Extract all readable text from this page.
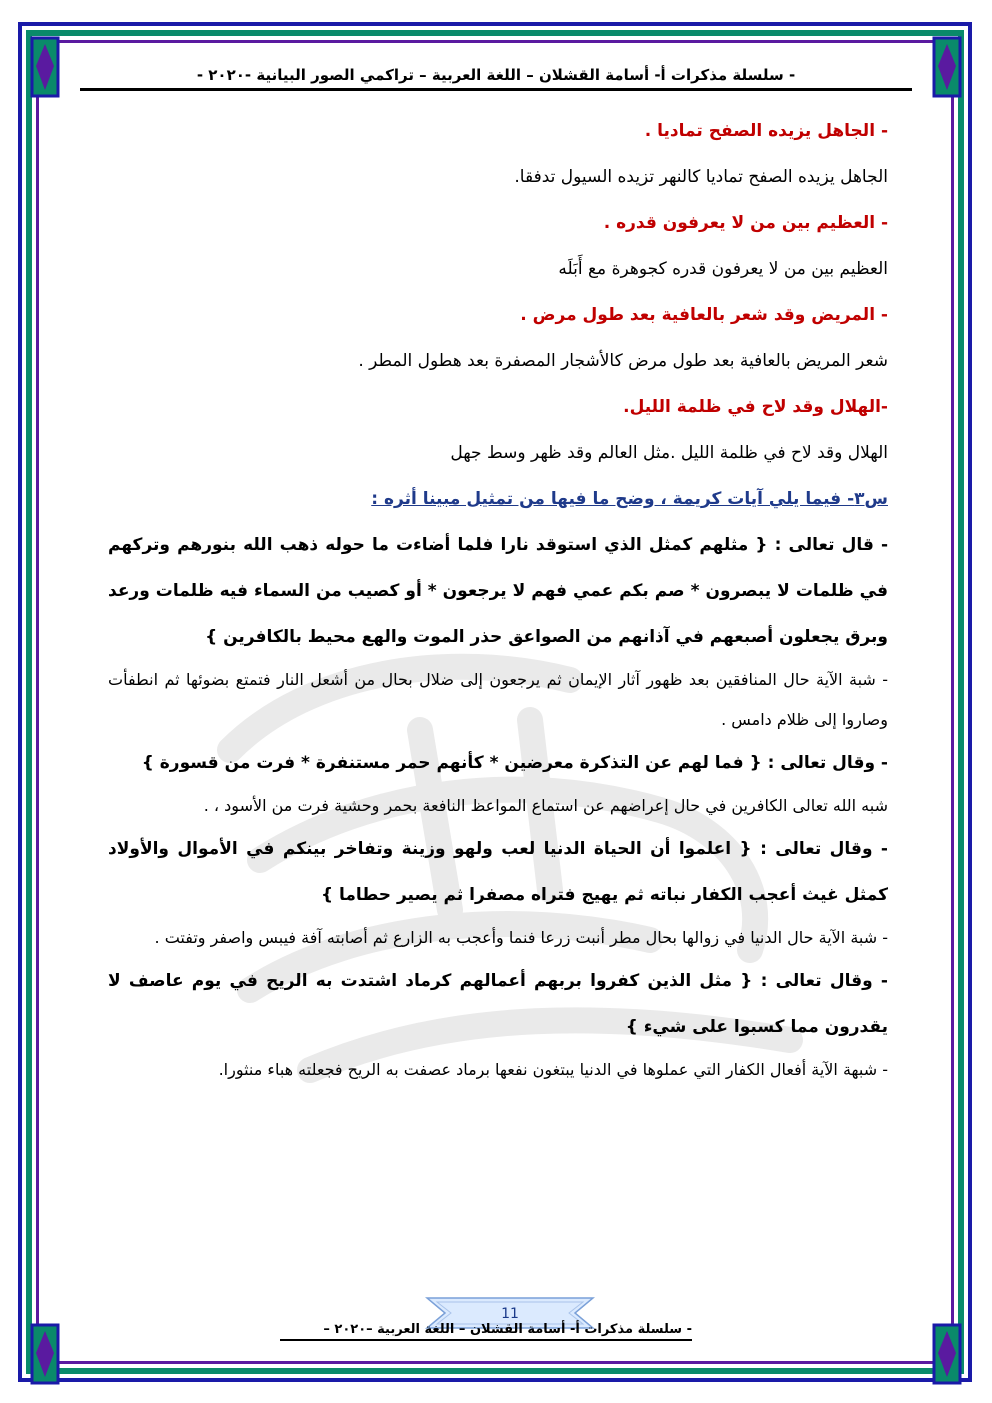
- سلسلة مذكرات أ- أسامة القشلان – اللغة العربية – تراكمي الصور البيانية -٢٠٢٠ -
- الجاهل يزيده الصفح تماديا .
الجاهل يزيده الصفح تماديا كالنهر تزيده السيول تدفقا.
- العظيم بين من لا يعرفون قدره .
العظيم بين من لا يعرفون قدره كجوهرة مع أَبَلَه
- المريض وقد شعر بالعافية بعد طول مرض .
شعر المريض بالعافية بعد طول مرض كالأشجار المصفرة بعد هطول المطر .
-الهلال وقد لاح في ظلمة الليل.
الهلال وقد لاح في ظلمة الليل .مثل العالم وقد ظهر وسط جهل
س٣- فيما يلي آيات كريمة ، وضح ما فيها من تمثيل مبينا أثره :
- قال تعالى : { مثلهم كمثل الذي استوقد نارا فلما أضاءت ما حوله ذهب الله بنورهم وتركهم في ظلمات لا يبصرون * صم بكم عمي فهم لا يرجعون * أو كصيب من السماء فيه ظلمات ورعد وبرق يجعلون أصبعهم في آذانهم من الصواعق حذر الموت والهع محيط بالكافرين }
- شبة الآية حال المنافقين بعد ظهور آثار الإيمان ثم يرجعون إلى ضلال بحال من أشعل النار فتمتع بضوئها ثم انطفأت وصاروا إلى ظلام دامس .
- وقال تعالى : { فما لهم عن التذكرة معرضين * كأنهم حمر مستنفرة * فرت من قسورة }
شبه الله تعالى الكافرين في حال إعراضهم عن استماع المواعظ النافعة بحمر وحشية فرت من الأسود ، .
- وقال تعالى : { اعلموا أن الحياة الدنيا لعب ولهو وزينة وتفاخر بينكم في الأموال والأولاد كمثل غيث أعجب الكفار نباته ثم يهيج فتراه مصفرا ثم يصير حطاما }
- شبة الآية حال الدنيا في زوالها بحال مطر أنبت زرعا فنما وأعجب به الزارع ثم أصابته آفة فيبس واصفر وتفتت .
- وقال تعالى : { مثل الذين كفروا بربهم أعمالهم كرماد اشتدت به الريح في يوم عاصف لا يقدرون مما كسبوا على شيء }
- شبهة الآية أفعال الكفار التي عملوها في الدنيا يبتغون نفعها برماد عصفت به الريح فجعلته هباء منثورا.
11
- سلسلة مذكرات أ- أسامة القشلان – اللغة العربية –٢٠٢٠ –
